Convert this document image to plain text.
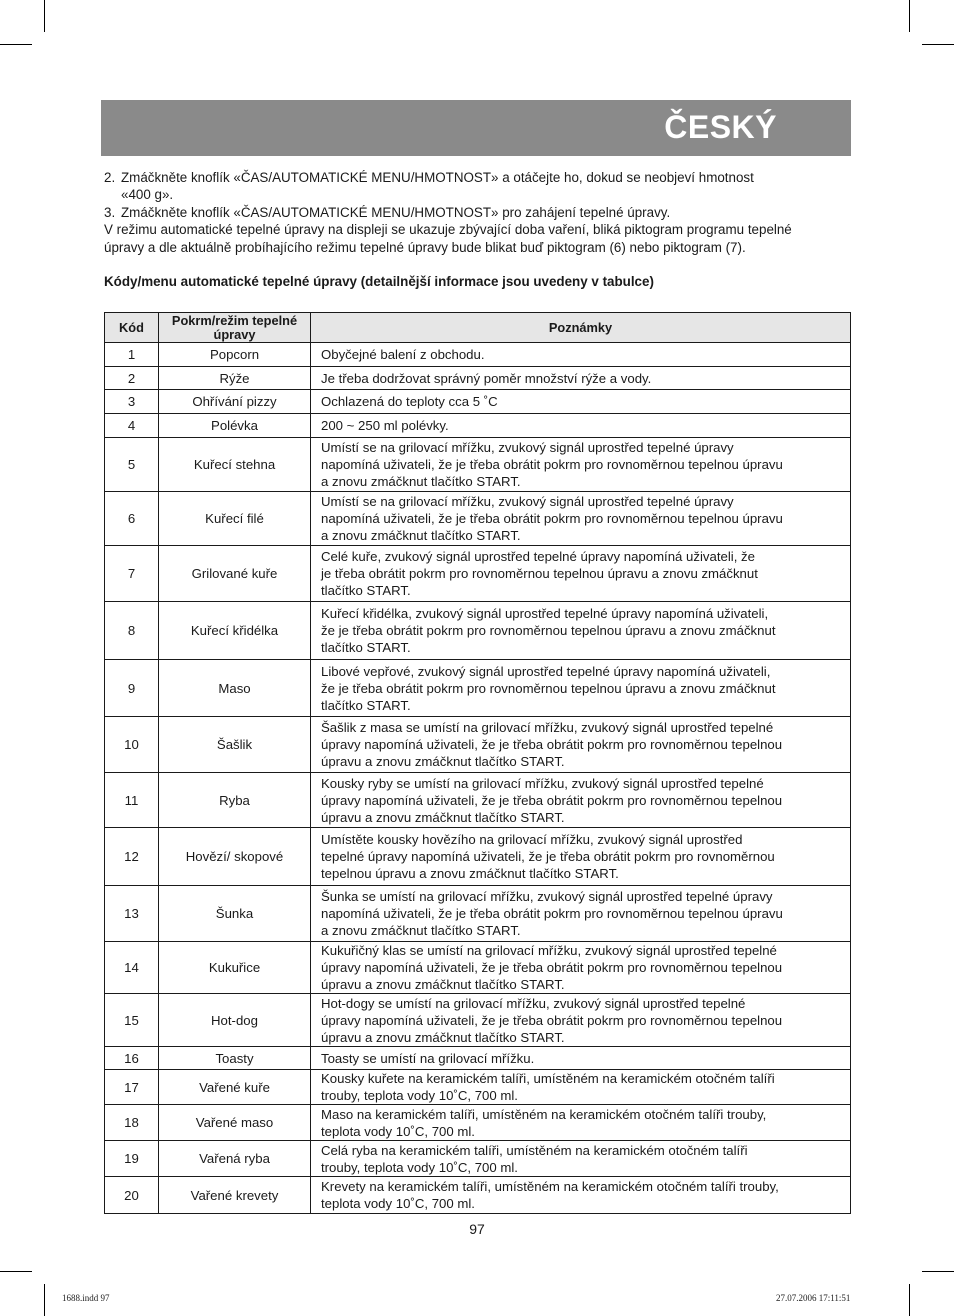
ČESKÝ

2. Zmáčkněte knoflík «ČAS/AUTOMATICKÉ MENU/HMOTNOST» a otáčejte ho, dokud se neobjeví hmotnost

«400 g».

3. Zmáčkněte knoflík «ČAS/AUTOMATICKÉ MENU/HMOTNOST» pro zahájení tepelné úpravy.

V režimu automatické tepelné úpravy na displeji se ukazuje zbývající doba vaření, bliká piktogram programu tepelné

úpravy a dle aktuálně probíhajícího režimu tepelné úpravy bude blikat buď piktogram (6) nebo piktogram (7).

Kódy/menu automatické tepelné úpravy (detailnější informace jsou uvedeny v tabulce)
Kód	Pokrm/režim tepelné úpravy	Poznámky
1	Popcorn	Obyčejné balení z obchodu.

2	Rýže	Je třeba dodržovat správný poměr množství rýže a vody.

3	Ohřívání pizzy	Ochlazená do teploty cca 5 ˚C

4	Polévka	200 ~ 250 ml polévky.

5	Kuřecí stehna	Umístí se na grilovací mřížku, zvukový signál uprostřed tepelné úpravy
napomíná uživateli, že je třeba obrátit pokrm pro rovnoměrnou tepelnou úpravu
a znovu zmáčknut tlačítko START.

6	Kuřecí filé	Umístí se na grilovací mřížku, zvukový signál uprostřed tepelné úpravy
napomíná uživateli, že je třeba obrátit pokrm pro rovnoměrnou tepelnou úpravu
a znovu zmáčknut tlačítko START.

7	Grilované kuře	Celé kuře, zvukový signál uprostřed tepelné úpravy napomíná uživateli, že
je třeba obrátit pokrm pro rovnoměrnou tepelnou úpravu a znovu zmáčknut
tlačítko START.

8	Kuřecí křidélka	Kuřecí křidélka, zvukový signál uprostřed tepelné úpravy napomíná uživateli,
že je třeba obrátit pokrm pro rovnoměrnou tepelnou úpravu a znovu zmáčknut
tlačítko START.

9	Maso	Libové vepřové, zvukový signál uprostřed tepelné úpravy napomíná uživateli,
že je třeba obrátit pokrm pro rovnoměrnou tepelnou úpravu a znovu zmáčknut
tlačítko START.

10	Šašlik	Šašlik z masa se umístí na grilovací mřížku, zvukový signál uprostřed tepelné
úpravy napomíná uživateli, že je třeba obrátit pokrm pro rovnoměrnou tepelnou
úpravu a znovu zmáčknut tlačítko START.

11	Ryba	Kousky ryby se umístí na grilovací mřížku, zvukový signál uprostřed tepelné
úpravy napomíná uživateli, že je třeba obrátit pokrm pro rovnoměrnou tepelnou
úpravu a znovu zmáčknut tlačítko START.

12	Hovězí/ skopové	Umístěte kousky hovězího na grilovací mřížku, zvukový signál uprostřed
tepelné úpravy napomíná uživateli, že je třeba obrátit pokrm pro rovnoměrnou
tepelnou úpravu a znovu zmáčknut tlačítko START.

13	Šunka	Šunka se umístí na grilovací mřížku, zvukový signál uprostřed tepelné úpravy
napomíná uživateli, že je třeba obrátit pokrm pro rovnoměrnou tepelnou úpravu
a znovu zmáčknut tlačítko START.

14	Kukuřice	Kukuřičný klas se umístí na grilovací mřížku, zvukový signál uprostřed tepelné
úpravy napomíná uživateli, že je třeba obrátit pokrm pro rovnoměrnou tepelnou
úpravu a znovu zmáčknut tlačítko START.

15	Hot-dog	Hot-dogy se umístí na grilovací mřížku, zvukový signál uprostřed tepelné
úpravy napomíná uživateli, že je třeba obrátit pokrm pro rovnoměrnou tepelnou
úpravu a znovu zmáčknut tlačítko START.

16	Toasty	Toasty se umístí na grilovací mřížku.

17	Vařené kuře	Kousky kuřete na keramickém talíři, umístěném na keramickém otočném talíři
trouby, teplota vody 10˚C, 700 ml.

18	Vařené maso	Maso na keramickém talíři, umístěném na keramickém otočném talíři trouby,
teplota vody 10˚C, 700 ml.

19	Vařená ryba	Celá ryba na keramickém talíři, umístěném na keramickém otočném talíři
trouby, teplota vody 10˚C, 700 ml.

20	Vařené krevety	Krevety na keramickém talíři, umístěném na keramickém otočném talíři trouby,
teplota vody 10˚C, 700 ml.
97
1688.indd 97	27.07.2006 17:11:51
